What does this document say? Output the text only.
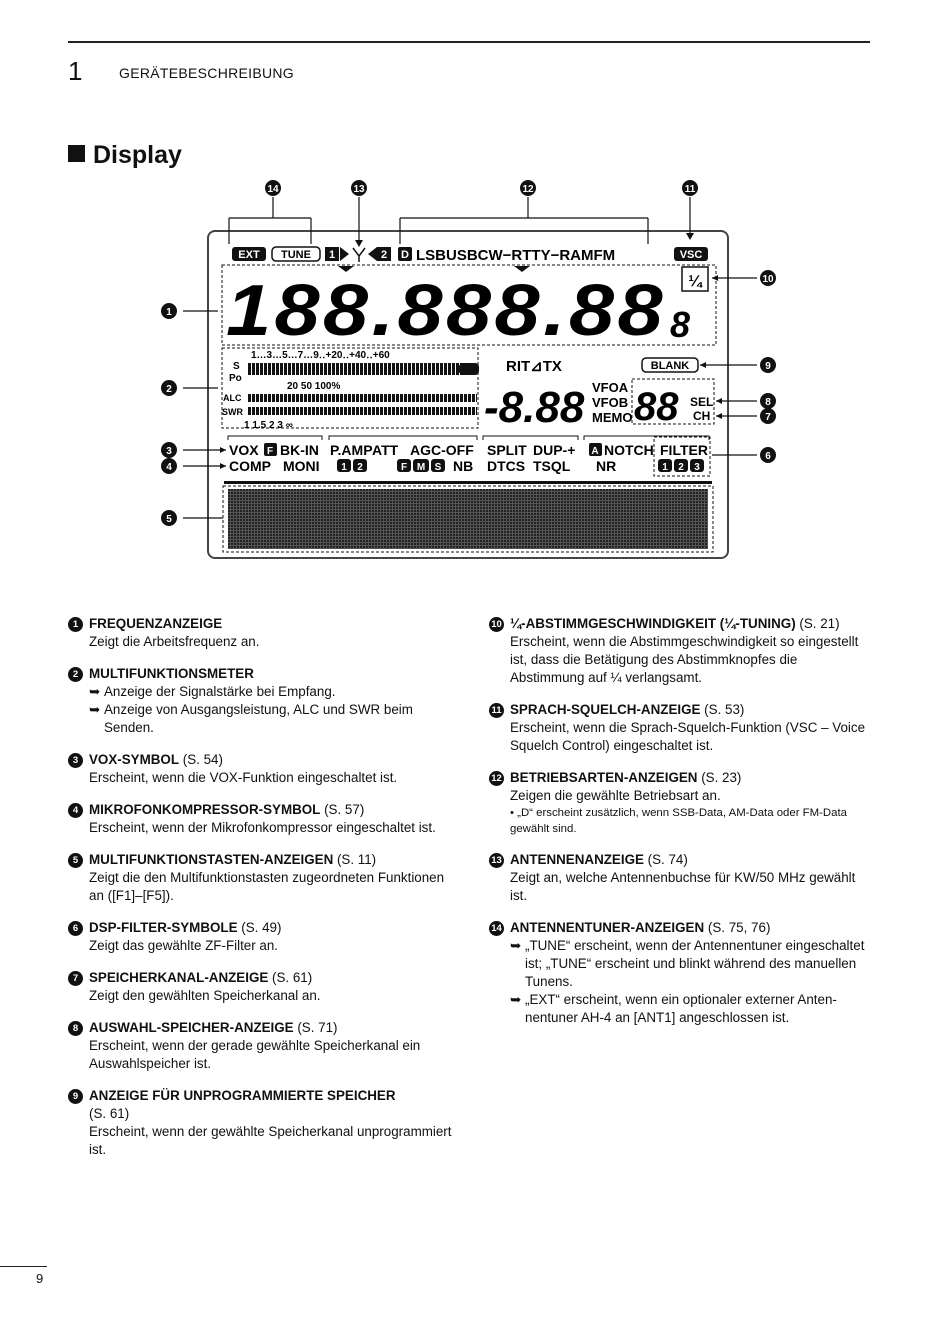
1	GERÄTEBESCHREIBUNG
Display
14	13	12	11
10
9
8
7
6
1
2
3
4
5
EXT TUNE 1	2 D LSBUSBCW−RTTY−RAMFM	VSC
188.888.88 8
¼
1…3…5…7…9‥+20‥+40‥+60
S
Po
20 50 100%
ALC
SWR
1 1.5 2 3 ∞
RIT⊿TX	BLANK
-8.88 VFOA
VFOB
MEMO 88 SEL
CH
VOX F BK-IN
COMP MONI
P.AMP ATT AGC-OFF
1 2	F M S NB
SPLIT DUP-+
DTCS TSQL
A NOTCH
NR
FILTER
1 2 3
1 FREQUENZANZEIGE
Zeigt die Arbeitsfrequenz an.
2 MULTIFUNKTIONSMETER
➥ Anzeige der Signalstärke bei Empfang.
➥ Anzeige von Ausgangsleistung, ALC und SWR beim Senden.
3 VOX-SYMBOL (S. 54)
Erscheint, wenn die VOX-Funktion eingeschaltet ist.
4 MIKROFONKOMPRESSOR-SYMBOL (S. 57)
Erscheint, wenn der Mikrofonkompressor eingeschaltet ist.
5 MULTIFUNKTIONSTASTEN-ANZEIGEN (S. 11)
Zeigt die den Multifunktionstasten zugeordneten Funktionen an ([F1]–[F5]).
6 DSP-FILTER-SYMBOLE (S. 49)
Zeigt das gewählte ZF-Filter an.
7 SPEICHERKANAL-ANZEIGE (S. 61)
Zeigt den gewählten Speicherkanal an.
8 AUSWAHL-SPEICHER-ANZEIGE (S. 71)
Erscheint, wenn der gerade gewählte Speicherkanal ein Auswahlspeicher ist.
9 ANZEIGE FÜR UNPROGRAMMIERTE SPEICHER
(S. 61)
Erscheint, wenn der gewählte Speicherkanal unprogrammiert ist.
10 ¼-ABSTIMMGESCHWINDIGKEIT (¼-TUNING) (S. 21)
Erscheint, wenn die Abstimmgeschwindigkeit so eingestellt ist, dass die Betätigung des Abstimmknopfes die Abstimmung auf ¼ verlangsamt.
11 SPRACH-SQUELCH-ANZEIGE (S. 53)
Erscheint, wenn die Sprach-Squelch-Funktion (VSC – Voice Squelch Control) eingeschaltet ist.
12 BETRIEBSARTEN-ANZEIGEN (S. 23)
Zeigen die gewählte Betriebsart an.
• „D“ erscheint zusätzlich, wenn SSB-Data, AM-Data oder FM-Data gewählt sind.
13 ANTENNENANZEIGE (S. 74)
Zeigt an, welche Antennenbuchse für KW/50 MHz gewählt ist.
14 ANTENNENTUNER-ANZEIGEN (S. 75, 76)
➥ „TUNE“ erscheint, wenn der Antennentuner eingeschaltet ist; „TUNE“ erscheint und blinkt während des manuellen Tunens.
➥ „EXT“ erscheint, wenn ein optionaler externer Antennentuner AH-4 an [ANT1] angeschlossen ist.
9
